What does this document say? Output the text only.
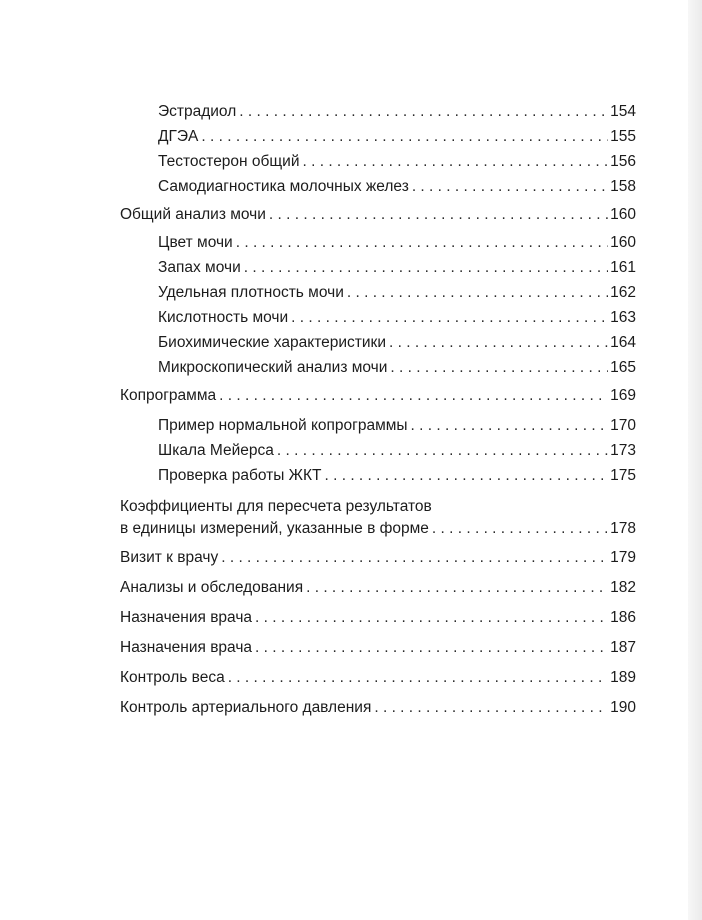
Эстрадиол . . .	154
ДГЭА . . .	155
Тестостерон общий . . .	156
Самодиагностика молочных желез . . .	158
Общий анализ мочи . . .	160
Цвет мочи . . .	160
Запах мочи . . .	161
Удельная плотность мочи . . .	162
Кислотность мочи . . .	163
Биохимические характеристики . . .	164
Микроскопический анализ мочи . . .	165
Копрограмма . . .	169
Пример нормальной копрограммы . . .	170
Шкала Мейерса . . .	173
Проверка работы ЖКТ . . .	175
Коэффициенты для пересчета результатов
в единицы измерений, указанные в форме . . .	178
Визит к врачу . . .	179
Анализы и обследования . . .	182
Назначения врача . . .	186
Назначения врача . . .	187
Контроль веса . . .	189
Контроль артериального давления . . .	190
